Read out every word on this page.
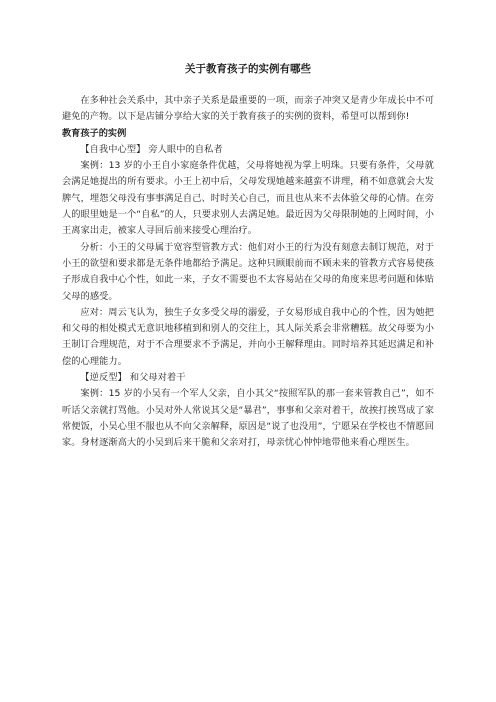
关于教育孩子的实例有哪些

在多种社会关系中，其中亲子关系是最重要的一项，而亲子冲突又是青少年成长中不可避免的产物。以下是店铺分享给大家的关于教育孩子的实例的资料，希望可以帮到你!

教育孩子的实例

【自我中心型】 旁人眼中的自私者

案例：13 岁的小王自小家庭条件优越，父母将她视为掌上明珠。只要有条件，父母就会满足她提出的所有要求。小王上初中后，父母发现她越来越蛮不讲理，稍不如意就会大发脾气，埋怨父母没有事事满足自己、时时关心自己，而且也从来不去体验父母的心情。在旁人的眼里她是一个“自私”的人，只要求别人去满足她。最近因为父母限制她的上网时间，小王离家出走，被家人寻回后前来接受心理治疗。

分析：小王的父母属于宽容型管教方式：他们对小王的行为没有刻意去制订规范，对于小王的欲望和要求都是无条件地都给予满足。这种只顾眼前而不顾未来的管教方式容易使孩子形成自我中心个性，如此一来，子女不需要也不太容易站在父母的角度来思考问题和体贴父母的感受。

应对：周云飞认为，独生子女多受父母的溺爱，子女易形成自我中心的个性，因为她把和父母的相处模式无意识地移植到和别人的交往上，其人际关系会非常糟糕。故父母要为小王制订合理规范，对于不合理要求不予满足，并向小王解释理由。同时培养其延迟满足和补偿的心理能力。

【逆反型】 和父母对着干

案例：15 岁的小吴有一个军人父亲，自小其父“按照军队的那一套来管教自己”，如不听话父亲就打骂他。小吴对外人常说其父是“暴君”，事事和父亲对着干，故挨打挨骂成了家常便饭，小吴心里不服也从不向父亲解释，原因是“说了也没用”，宁愿呆在学校也不情愿回家。身材逐渐高大的小吴到后来干脆和父亲对打，母亲忧心忡忡地带他来看心理医生。
